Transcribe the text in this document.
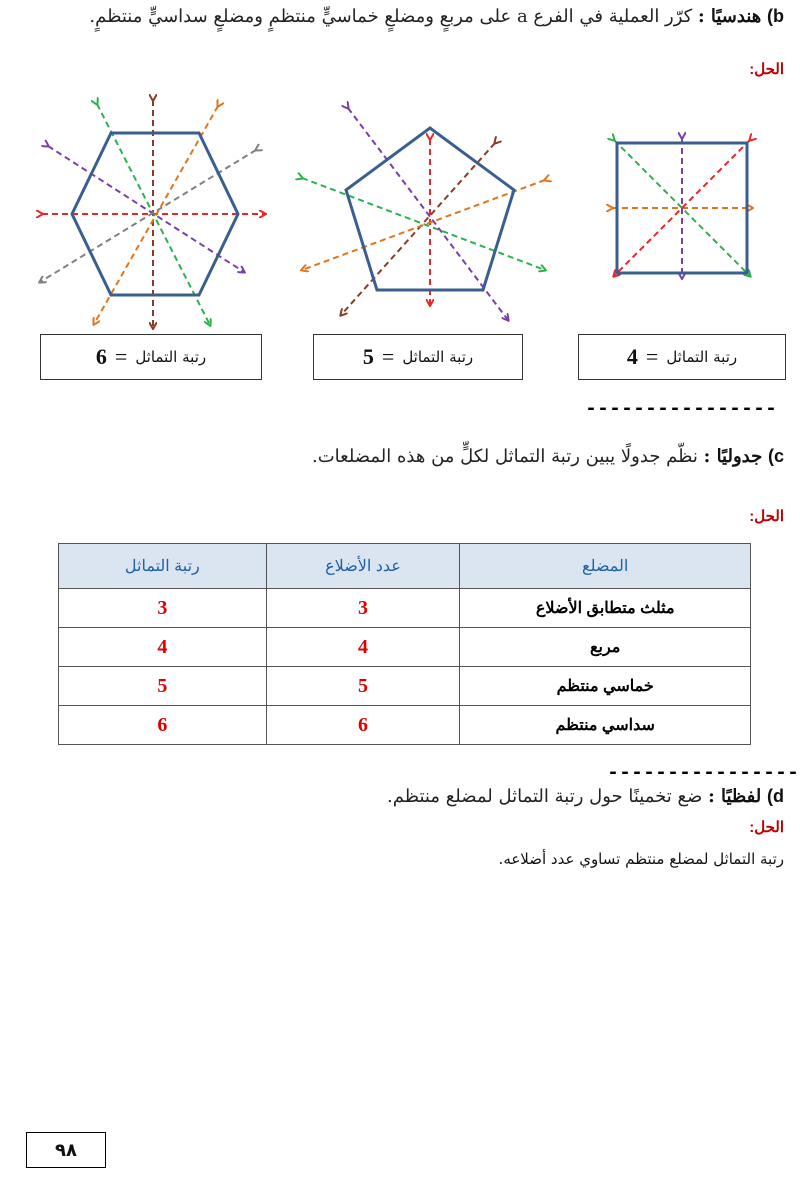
b) هندسيًا : كرّر العملية في الفرع a على مربعٍ ومضلعٍ خماسيٍّ منتظمٍ ومضلعٍ سداسيٍّ منتظمٍ.
الحل:
رتبة التماثل
=
4
رتبة التماثل
=
5
رتبة التماثل
=
6
----------------
c) جدوليًا : نظّم جدولًا يبين رتبة التماثل لكلٍّ من هذه المضلعات.
الحل:
المضلع	عدد الأضلاع	رتبة التماثل
مثلث متطابق الأضلاع	3	3
مربع	4	4
خماسي منتظم	5	5
سداسي منتظم	6	6
----------------
d) لفظيًا : ضع تخمينًا حول رتبة التماثل لمضلع منتظم.
الحل:
رتبة التماثل لمضلع منتظم تساوي عدد أضلاعه.
٩٨
